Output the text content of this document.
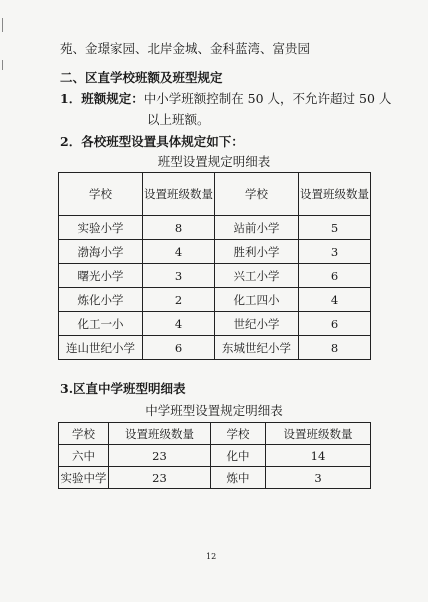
苑、金璟家园、北岸金城、金科蓝湾、富贵园
二、区直学校班额及班型规定
1．班额规定：中小学班额控制在 50 人，不允许超过 50 人
以上班额。
2．各校班型设置具体规定如下：
班型设置规定明细表
学校	设置班级数量	学校	设置班级数量
实验小学	8	站前小学	5
渤海小学	4	胜利小学	3
曙光小学	3	兴工小学	6
炼化小学	2	化工四小	4
化工一小	4	世纪小学	6
连山世纪小学	6	东城世纪小学	8
3.区直中学班型明细表
中学班型设置规定明细表
学校	设置班级数量	学校	设置班级数量
六中	23	化中	14
实验中学	23	炼中	3
12
